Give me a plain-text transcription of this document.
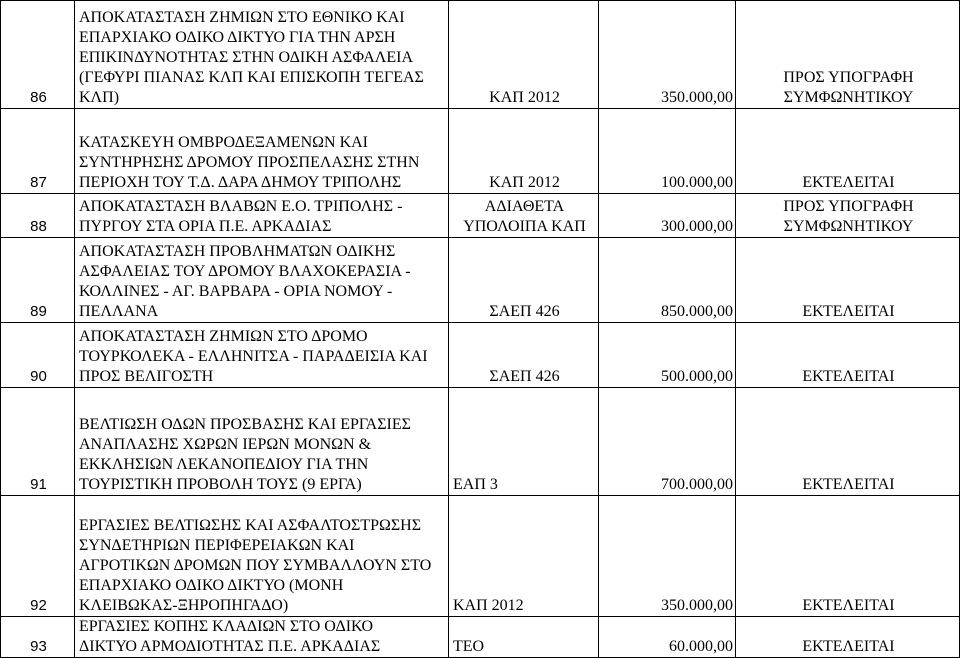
86	ΑΠΟΚΑΤΑΣΤΑΣΗ ΖΗΜΙΩΝ ΣΤΟ ΕΘΝΙΚΟ ΚΑΙ
ΕΠΑΡΧΙΑΚΟ ΟΔΙΚΟ ΔΙΚΤΥΟ ΓΙΑ ΤΗΝ ΑΡΣΗ
ΕΠΙΚΙΝΔΥΝΟΤΗΤΑΣ ΣΤΗΝ ΟΔΙΚΗ ΑΣΦΑΛΕΙΑ
(ΓΕΦΥΡΙ ΠΙΑΝΑΣ ΚΛΠ ΚΑΙ ΕΠΙΣΚΟΠΗ ΤΕΓΕΑΣ
ΚΛΠ)	ΚΑΠ 2012	350.000,00	ΠΡΟΣ ΥΠΟΓΡΑΦΗ
ΣΥΜΦΩΝΗΤΙΚΟΥ
87	ΚΑΤΑΣΚΕΥΗ ΟΜΒΡΟΔΕΞΑΜΕΝΩΝ ΚΑΙ
ΣΥΝΤΗΡΗΣΗΣ ΔΡΟΜΟΥ ΠΡΟΣΠΕΛΑΣΗΣ ΣΤΗΝ
ΠΕΡΙΟΧΗ ΤΟΥ Τ.Δ. ΔΑΡΑ ΔΗΜΟΥ ΤΡΙΠΟΛΗΣ	ΚΑΠ 2012	100.000,00	ΕΚΤΕΛΕΙΤΑΙ
88	ΑΠΟΚΑΤΑΣΤΑΣΗ ΒΛΑΒΩΝ Ε.Ο. ΤΡΙΠΟΛΗΣ -
ΠΥΡΓΟΥ ΣΤΑ ΟΡΙΑ Π.Ε. ΑΡΚΑΔΙΑΣ	ΑΔΙΑΘΕΤΑ
ΥΠΟΛΟΙΠΑ ΚΑΠ	300.000,00	ΠΡΟΣ ΥΠΟΓΡΑΦΗ
ΣΥΜΦΩΝΗΤΙΚΟΥ
89	ΑΠΟΚΑΤΑΣΤΑΣΗ ΠΡΟΒΛΗΜΑΤΩΝ ΟΔΙΚΗΣ
ΑΣΦΑΛΕΙΑΣ ΤΟΥ ΔΡΟΜΟΥ ΒΛΑΧΟΚΕΡΑΣΙΑ -
ΚΟΛΛΙΝΕΣ - ΑΓ. ΒΑΡΒΑΡΑ - ΟΡΙΑ ΝΟΜΟΥ -
ΠΕΛΛΑΝΑ	ΣΑΕΠ 426	850.000,00	ΕΚΤΕΛΕΙΤΑΙ
90	ΑΠΟΚΑΤΑΣΤΑΣΗ ΖΗΜΙΩΝ ΣΤΟ ΔΡΟΜΟ
ΤΟΥΡΚΟΛΕΚΑ - ΕΛΛΗΝΙΤΣΑ - ΠΑΡΑΔΕΙΣΙΑ ΚΑΙ
ΠΡΟΣ ΒΕΛΙΓΟΣΤΗ	ΣΑΕΠ 426	500.000,00	ΕΚΤΕΛΕΙΤΑΙ
91	ΒΕΛΤΙΩΣΗ ΟΔΩΝ ΠΡΟΣΒΑΣΗΣ ΚΑΙ ΕΡΓΑΣΙΕΣ
ΑΝΑΠΛΑΣΗΣ ΧΩΡΩΝ ΙΕΡΩΝ ΜΟΝΩΝ &
ΕΚΚΛΗΣΙΩΝ ΛΕΚΑΝΟΠΕΔΙΟΥ ΓΙΑ ΤΗΝ
ΤΟΥΡΙΣΤΙΚΗ ΠΡΟΒΟΛΗ ΤΟΥΣ (9 ΕΡΓΑ)	ΕΑΠ 3	700.000,00	ΕΚΤΕΛΕΙΤΑΙ
92	ΕΡΓΑΣΙΕΣ ΒΕΛΤΙΩΣΗΣ ΚΑΙ ΑΣΦΑΛΤΟΣΤΡΩΣΗΣ
ΣΥΝΔΕΤΗΡΙΩΝ ΠΕΡΙΦΕΡΕΙΑΚΩΝ ΚΑΙ
ΑΓΡΟΤΙΚΩΝ ΔΡΟΜΩΝ ΠΟΥ ΣΥΜΒΑΛΛΟΥΝ ΣΤΟ
ΕΠΑΡΧΙΑΚΟ ΟΔΙΚΟ ΔΙΚΤΥΟ (ΜΟΝΗ
ΚΛΕΙΒΩΚΑΣ-ΞΗΡΟΠΗΓΑΔΟ)	ΚΑΠ 2012	350.000,00	ΕΚΤΕΛΕΙΤΑΙ
93	ΕΡΓΑΣΙΕΣ ΚΟΠΗΣ ΚΛΑΔΙΩΝ ΣΤΟ ΟΔΙΚΟ
ΔΙΚΤΥΟ ΑΡΜΟΔΙΟΤΗΤΑΣ Π.Ε. ΑΡΚΑΔΙΑΣ	ΤΕΟ	60.000,00	ΕΚΤΕΛΕΙΤΑΙ
